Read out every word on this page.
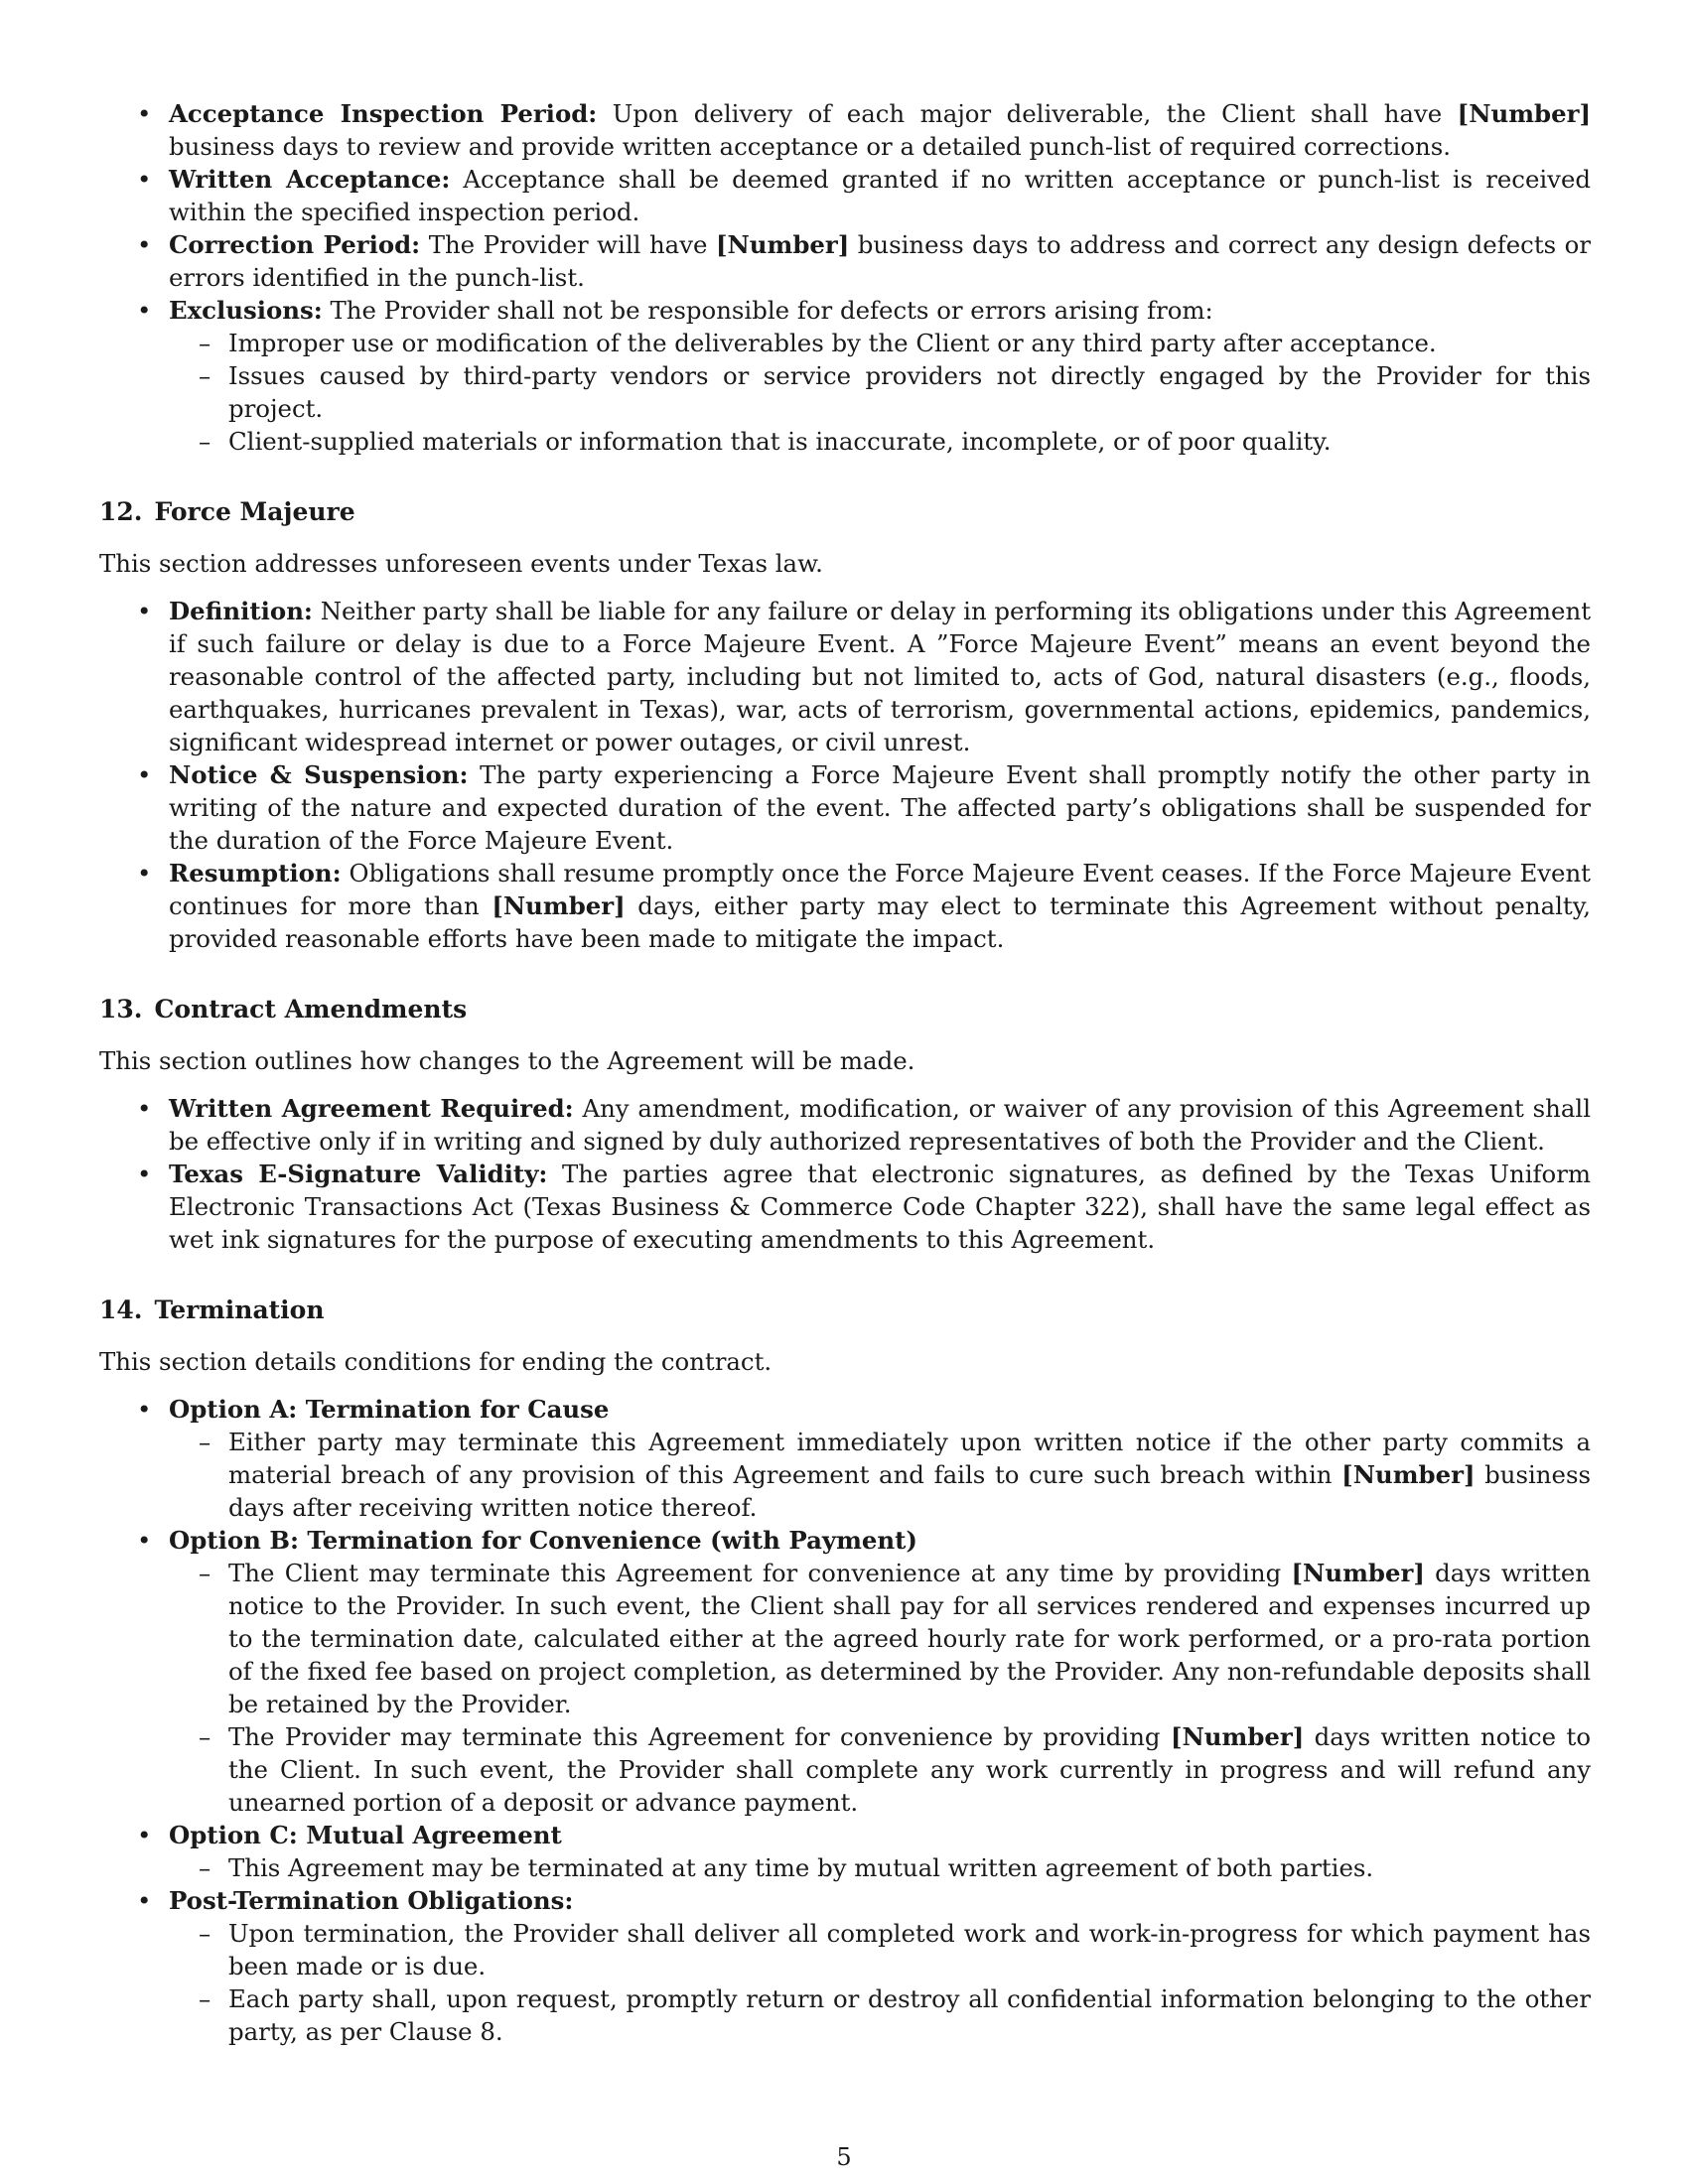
• Acceptance Inspection Period: Upon delivery of each major deliverable, the Client shall have [Number] business days to review and provide written acceptance or a detailed punch-list of required corrections.
• Written Acceptance: Acceptance shall be deemed granted if no written acceptance or punch-list is received within the specified inspection period.
• Correction Period: The Provider will have [Number] business days to address and correct any design defects or errors identified in the punch-list.
• Exclusions: The Provider shall not be responsible for defects or errors arising from:
– Improper use or modification of the deliverables by the Client or any third party after acceptance.
– Issues caused by third-party vendors or service providers not directly engaged by the Provider for this project.
– Client-supplied materials or information that is inaccurate, incomplete, or of poor quality.
12. Force Majeure

This section addresses unforeseen events under Texas law.

• Definition: Neither party shall be liable for any failure or delay in performing its obligations under this Agreement if such failure or delay is due to a Force Majeure Event. A ”Force Majeure Event” means an event beyond the reasonable control of the affected party, including but not limited to, acts of God, natural disasters (e.g., floods, earthquakes, hurricanes prevalent in Texas), war, acts of terrorism, governmental actions, epidemics, pandemics, significant widespread internet or power outages, or civil unrest.
• Notice & Suspension: The party experiencing a Force Majeure Event shall promptly notify the other party in writing of the nature and expected duration of the event. The affected party’s obligations shall be suspended for the duration of the Force Majeure Event.
• Resumption: Obligations shall resume promptly once the Force Majeure Event ceases. If the Force Majeure Event continues for more than [Number] days, either party may elect to terminate this Agreement without penalty, provided reasonable efforts have been made to mitigate the impact.
13. Contract Amendments

This section outlines how changes to the Agreement will be made.

• Written Agreement Required: Any amendment, modification, or waiver of any provision of this Agreement shall be effective only if in writing and signed by duly authorized representatives of both the Provider and the Client.
• Texas E-Signature Validity: The parties agree that electronic signatures, as defined by the Texas Uniform Electronic Transactions Act (Texas Business & Commerce Code Chapter 322), shall have the same legal effect as wet ink signatures for the purpose of executing amendments to this Agreement.
14. Termination

This section details conditions for ending the contract.

• Option A: Termination for Cause
– Either party may terminate this Agreement immediately upon written notice if the other party commits a material breach of any provision of this Agreement and fails to cure such breach within [Number] business days after receiving written notice thereof.
• Option B: Termination for Convenience (with Payment)
– The Client may terminate this Agreement for convenience at any time by providing [Number] days written notice to the Provider. In such event, the Client shall pay for all services rendered and expenses incurred up to the termination date, calculated either at the agreed hourly rate for work performed, or a pro-rata portion of the fixed fee based on project completion, as determined by the Provider. Any non-refundable deposits shall be retained by the Provider.
– The Provider may terminate this Agreement for convenience by providing [Number] days written notice to the Client. In such event, the Provider shall complete any work currently in progress and will refund any unearned portion of a deposit or advance payment.
• Option C: Mutual Agreement
– This Agreement may be terminated at any time by mutual written agreement of both parties.
• Post-Termination Obligations:
– Upon termination, the Provider shall deliver all completed work and work-in-progress for which payment has been made or is due.
– Each party shall, upon request, promptly return or destroy all confidential information belonging to the other party, as per Clause 8.
5
